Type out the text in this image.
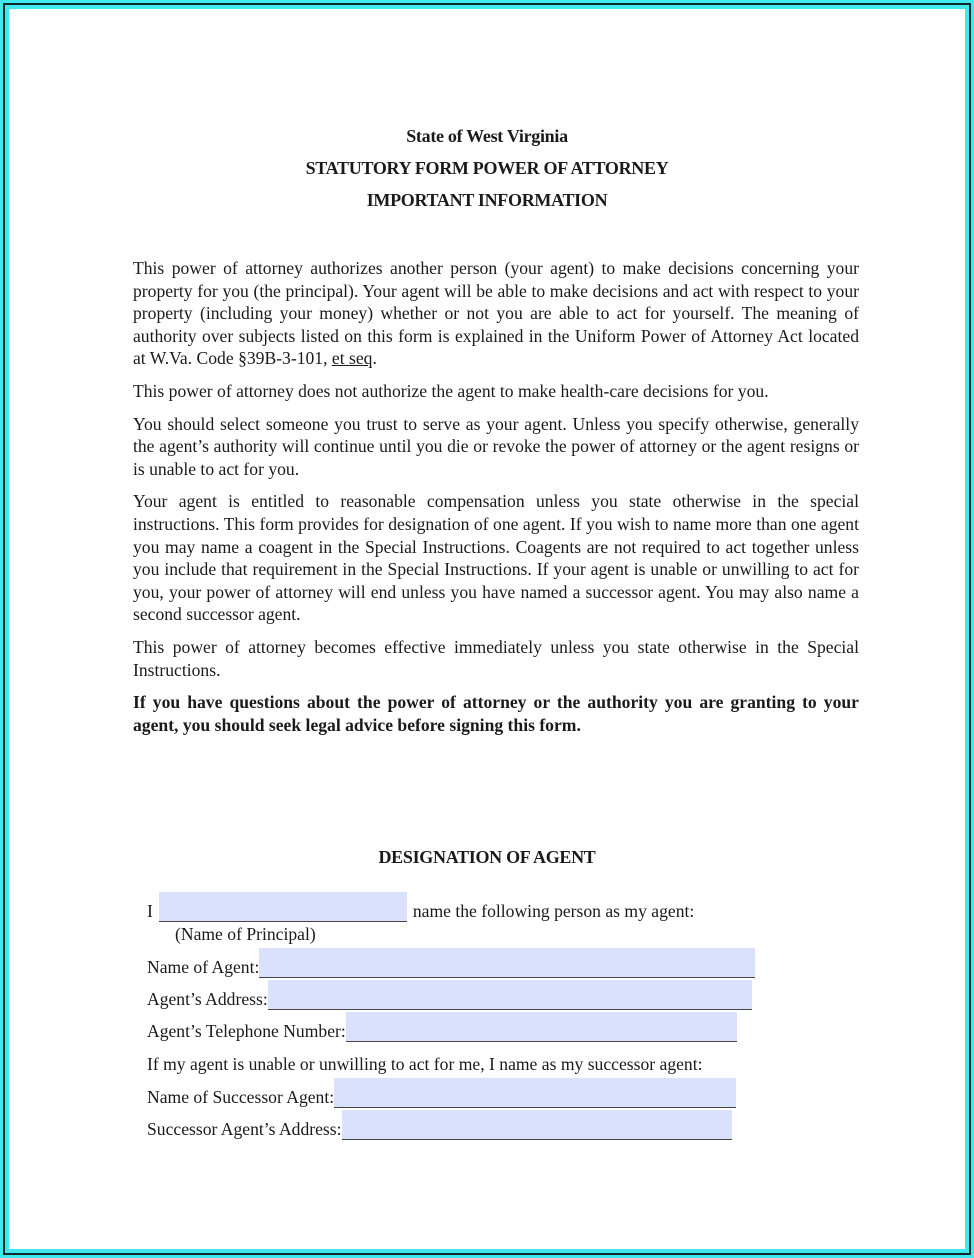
State of West Virginia
STATUTORY FORM POWER OF ATTORNEY
IMPORTANT INFORMATION

This power of attorney authorizes another person (your agent) to make decisions concerning your property for you (the principal). Your agent will be able to make decisions and act with respect to your property (including your money) whether or not you are able to act for yourself. The meaning of authority over subjects listed on this form is explained in the Uniform Power of Attorney Act located at W.Va. Code §39B-3-101, et seq.

This power of attorney does not authorize the agent to make health-care decisions for you.

You should select someone you trust to serve as your agent. Unless you specify otherwise, generally the agent’s authority will continue until you die or revoke the power of attorney or the agent resigns or is unable to act for you.

Your agent is entitled to reasonable compensation unless you state otherwise in the special instructions. This form provides for designation of one agent. If you wish to name more than one agent you may name a coagent in the Special Instructions. Coagents are not required to act together unless you include that requirement in the Special Instructions. If your agent is unable or unwilling to act for you, your power of attorney will end unless you have named a successor agent. You may also name a second successor agent.

This power of attorney becomes effective immediately unless you state otherwise in the Special Instructions.

If you have questions about the power of attorney or the authority you are granting to your agent, you should seek legal advice before signing this form.

DESIGNATION OF AGENT
I	name the following person as my agent:
(Name of Principal)
Name of Agent:
Agent’s Address:
Agent’s Telephone Number:
If my agent is unable or unwilling to act for me, I name as my successor agent:
Name of Successor Agent:
Successor Agent’s Address:
